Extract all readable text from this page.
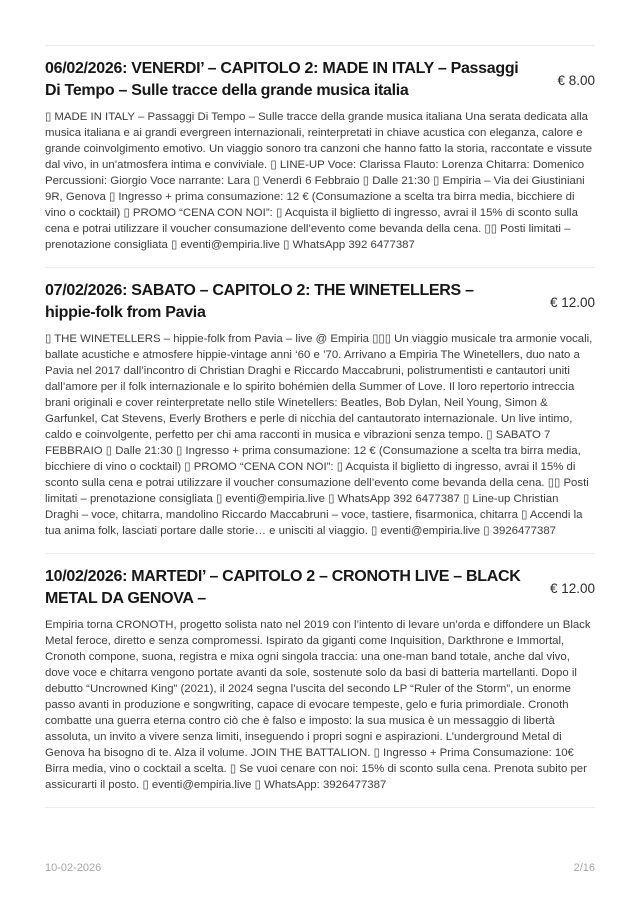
06/02/2026: VENERDI’ – CAPITOLO 2: MADE IN ITALY – Passaggi Di Tempo – Sulle tracce della grande musica italia
€ 8.00
▯ MADE IN ITALY – Passaggi Di Tempo – Sulle tracce della grande musica italiana Una serata dedicata alla musica italiana e ai grandi evergreen internazionali, reinterpretati in chiave acustica con eleganza, calore e grande coinvolgimento emotivo. Un viaggio sonoro tra canzoni che hanno fatto la storia, raccontate e vissute dal vivo, in un’atmosfera intima e conviviale. ▯ LINE-UP Voce: Clarissa Flauto: Lorenza Chitarra: Domenico Percussioni: Giorgio Voce narrante: Lara ▯ Venerdì 6 Febbraio ▯ Dalle 21:30 ▯ Empiria – Via dei Giustiniani 9R, Genova ▯ Ingresso + prima consumazione: 12 € (Consumazione a scelta tra birra media, bicchiere di vino o cocktail) ▯ PROMO “CENA CON NOI”: ▯ Acquista il biglietto di ingresso, avrai il 15% di sconto sulla cena e potrai utilizzare il voucher consumazione dell’evento come bevanda della cena. ▯▯ Posti limitati – prenotazione consigliata ▯ eventi@empiria.live ▯ WhatsApp 392 6477387
07/02/2026: SABATO – CAPITOLO 2: THE WINETELLERS – hippie-folk from Pavia
€ 12.00
▯ THE WINETELLERS – hippie-folk from Pavia – live @ Empiria ▯▯▯ Un viaggio musicale tra armonie vocali, ballate acustiche e atmosfere hippie-vintage anni ‘60 e ’70. Arrivano a Empiria The Winetellers, duo nato a Pavia nel 2017 dall’incontro di Christian Draghi e Riccardo Maccabruni, polistrumentisti e cantautori uniti dall’amore per il folk internazionale e lo spirito bohémien della Summer of Love. Il loro repertorio intreccia brani originali e cover reinterpretate nello stile Winetellers: Beatles, Bob Dylan, Neil Young, Simon & Garfunkel, Cat Stevens, Everly Brothers e perle di nicchia del cantautorato internazionale. Un live intimo, caldo e coinvolgente, perfetto per chi ama racconti in musica e vibrazioni senza tempo. ▯ SABATO 7 FEBBRAIO ▯ Dalle 21:30 ▯ Ingresso + prima consumazione: 12 € (Consumazione a scelta tra birra media, bicchiere di vino o cocktail) ▯ PROMO “CENA CON NOI”: ▯ Acquista il biglietto di ingresso, avrai il 15% di sconto sulla cena e potrai utilizzare il voucher consumazione dell’evento come bevanda della cena. ▯▯ Posti limitati – prenotazione consigliata ▯ eventi@empiria.live ▯ WhatsApp 392 6477387 ▯ Line-up Christian Draghi – voce, chitarra, mandolino Riccardo Maccabruni – voce, tastiere, fisarmonica, chitarra ▯ Accendi la tua anima folk, lasciati portare dalle storie… e unisciti al viaggio. ▯ eventi@empiria.live ▯ 3926477387
10/02/2026: MARTEDI’ – CAPITOLO 2 – CRONOTH LIVE – BLACK METAL DA GENOVA –
€ 12.00
Empiria torna CRONOTH, progetto solista nato nel 2019 con l’intento di levare un’orda e diffondere un Black Metal feroce, diretto e senza compromessi. Ispirato da giganti come Inquisition, Darkthrone e Immortal, Cronoth compone, suona, registra e mixa ogni singola traccia: una one-man band totale, anche dal vivo, dove voce e chitarra vengono portate avanti da sole, sostenute solo da basi di batteria martellanti. Dopo il debutto “Uncrowned King” (2021), il 2024 segna l’uscita del secondo LP “Ruler of the Storm”, un enorme passo avanti in produzione e songwriting, capace di evocare tempeste, gelo e furia primordiale. Cronoth combatte una guerra eterna contro ciò che è falso e imposto: la sua musica è un messaggio di libertà assoluta, un invito a vivere senza limiti, inseguendo i propri sogni e aspirazioni. L’underground Metal di Genova ha bisogno di te. Alza il volume. JOIN THE BATTALION. ▯ Ingresso + Prima Consumazione: 10€ Birra media, vino o cocktail a scelta. ▯ Se vuoi cenare con noi: 15% di sconto sulla cena. Prenota subito per assicurarti il posto. ▯ eventi@empiria.live ▯ WhatsApp: 3926477387
10-02-2026	2/16
